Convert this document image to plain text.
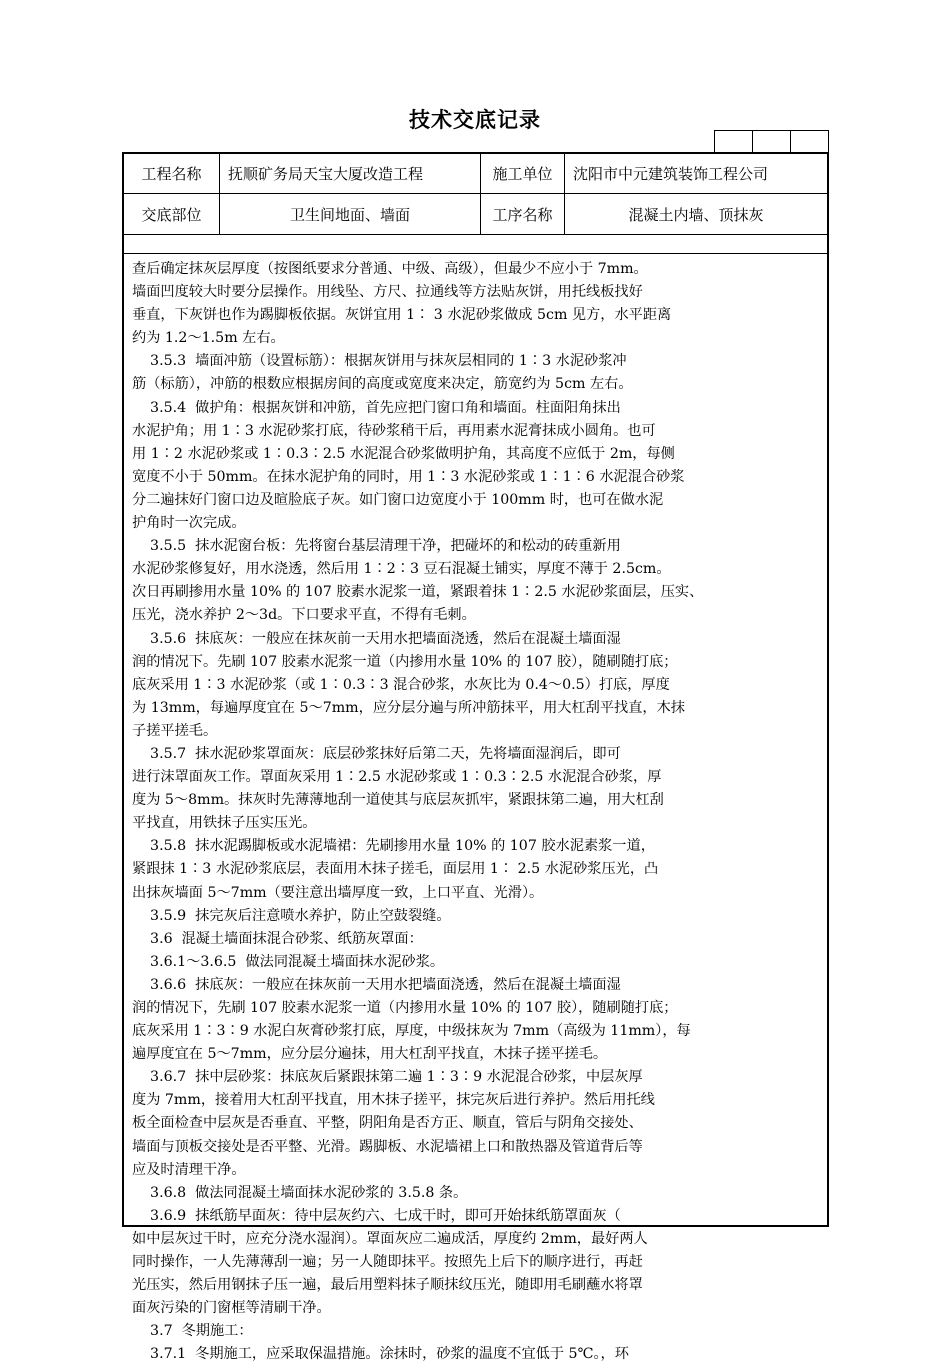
技术交底记录
工程名称	抚顺矿务局天宝大厦改造工程	施工单位	沈阳市中元建筑装饰工程公司
交底部位	卫生间地面、墙面	工序名称	混凝土内墙、顶抹灰
查后确定抹灰层厚度（按图纸要求分普通、中级、高级），但最少不应小于 7mm。
墙面凹度较大时要分层操作。用线坠、方尺、拉通线等方法贴灰饼，用托线板找好
垂直，下灰饼也作为踢脚板依据。灰饼宜用 1∶ 3 水泥砂浆做成 5cm 见方，水平距离
约为 1.2～1.5m 左右。
3.5.3  墙面冲筋（设置标筋）：根据灰饼用与抹灰层相同的 1∶3 水泥砂浆冲
筋（标筋），冲筋的根数应根据房间的高度或宽度来决定，筋宽约为 5cm 左右。
3.5.4  做护角：根据灰饼和冲筋，首先应把门窗口角和墙面。柱面阳角抹出
水泥护角；用 1∶3 水泥砂浆打底，待砂浆稍干后，再用素水泥膏抹成小圆角。也可
用 1∶2 水泥砂浆或 1∶0.3∶2.5 水泥混合砂浆做明护角，其高度不应低于 2m，每侧
宽度不小于 50mm。在抹水泥护角的同时，用 1∶3 水泥砂浆或 1∶1∶6 水泥混合砂浆
分二遍抹好门窗口边及暄脸底子灰。如门窗口边宽度小于 100mm 时，也可在做水泥
护角时一次完成。
3.5.5  抹水泥窗台板：先将窗台基层清理干净，把碰坏的和松动的砖重新用
水泥砂浆修复好，用水浇透，然后用 1∶2∶3 豆石混凝土铺实，厚度不薄于 2.5cm。
次日再刷掺用水量 10% 的 107 胶素水泥浆一道，紧跟着抹 1∶2.5 水泥砂浆面层，压实、
压光，浇水养护 2～3d。下口要求平直，不得有毛刺。
3.5.6  抹底灰：一般应在抹灰前一天用水把墙面浇透，然后在混凝土墙面湿
润的情况下。先刷 107 胶素水泥浆一道（内掺用水量 10% 的 107 胶），随刷随打底；
底灰采用 1∶3 水泥砂浆（或 1∶0.3∶3 混合砂浆，水灰比为 0.4～0.5）打底，厚度
为 13mm，每遍厚度宜在 5～7mm，应分层分遍与所冲筋抹平，用大杠刮平找直，木抹
子搓平搓毛。
3.5.7  抹水泥砂浆罩面灰：底层砂浆抹好后第二天，先将墙面湿润后，即可
进行沫罩面灰工作。罩面灰采用 1∶2.5 水泥砂浆或 1∶0.3∶2.5 水泥混合砂浆，厚
度为 5～8mm。抹灰时先薄薄地刮一道使其与底层灰抓牢，紧跟抹第二遍，用大杠刮
平找直，用铁抹子压实压光。
3.5.8  抹水泥踢脚板或水泥墙裙：先刷掺用水量 10% 的 107 胶水泥素浆一道，
紧跟抹 1∶3 水泥砂浆底层，表面用木抹子搓毛，面层用 1∶ 2.5 水泥砂浆压光，凸
出抹灰墙面 5～7mm（要注意出墙厚度一致，上口平直、光滑）。
3.5.9  抹完灰后注意喷水养护，防止空鼓裂缝。
3.6  混凝土墙面抹混合砂浆、纸筋灰罩面：
3.6.1～3.6.5  做法同混凝土墙面抹水泥砂浆。
3.6.6  抹底灰：一般应在抹灰前一天用水把墙面浇透，然后在混凝土墙面湿
润的情况下，先刷 107 胶素水泥浆一道（内掺用水量 10% 的 107 胶），随刷随打底；
底灰采用 1∶3∶9 水泥白灰膏砂浆打底，厚度，中级抹灰为 7mm（高级为 11mm），每
遍厚度宜在 5～7mm，应分层分遍抹，用大杠刮平找直，木抹子搓平搓毛。
3.6.7  抹中层砂浆：抹底灰后紧跟抹第二遍 1∶3∶9 水泥混合砂浆，中层灰厚
度为 7mm，接着用大杠刮平找直，用木抹子搓平，抹完灰后进行养护。然后用托线
板全面检查中层灰是否垂直、平整，阴阳角是否方正、顺直，管后与阴角交接处、
墙面与顶板交接处是否平整、光滑。踢脚板、水泥墙裙上口和散热器及管道背后等
应及时清理干净。
3.6.8  做法同混凝土墙面抹水泥砂浆的 3.5.8 条。
3.6.9  抹纸筋早面灰：待中层灰约六、七成干时，即可开始抹纸筋罩面灰（
如中层灰过干时，应充分浇水湿润）。罩面灰应二遍成活，厚度约 2mm，最好两人
同时操作，一人先薄薄刮一遍；另一人随即抹平。按照先上后下的顺序进行，再赶
光压实，然后用钢抹子压一遍，最后用塑料抹子顺抹纹压光，随即用毛刷蘸水将罩
面灰污染的门窗框等清刷干净。
3.7  冬期施工：
3.7.1  冬期施工，应采取保温措施。涂抹时，砂浆的温度不宜低于 5℃。，环
